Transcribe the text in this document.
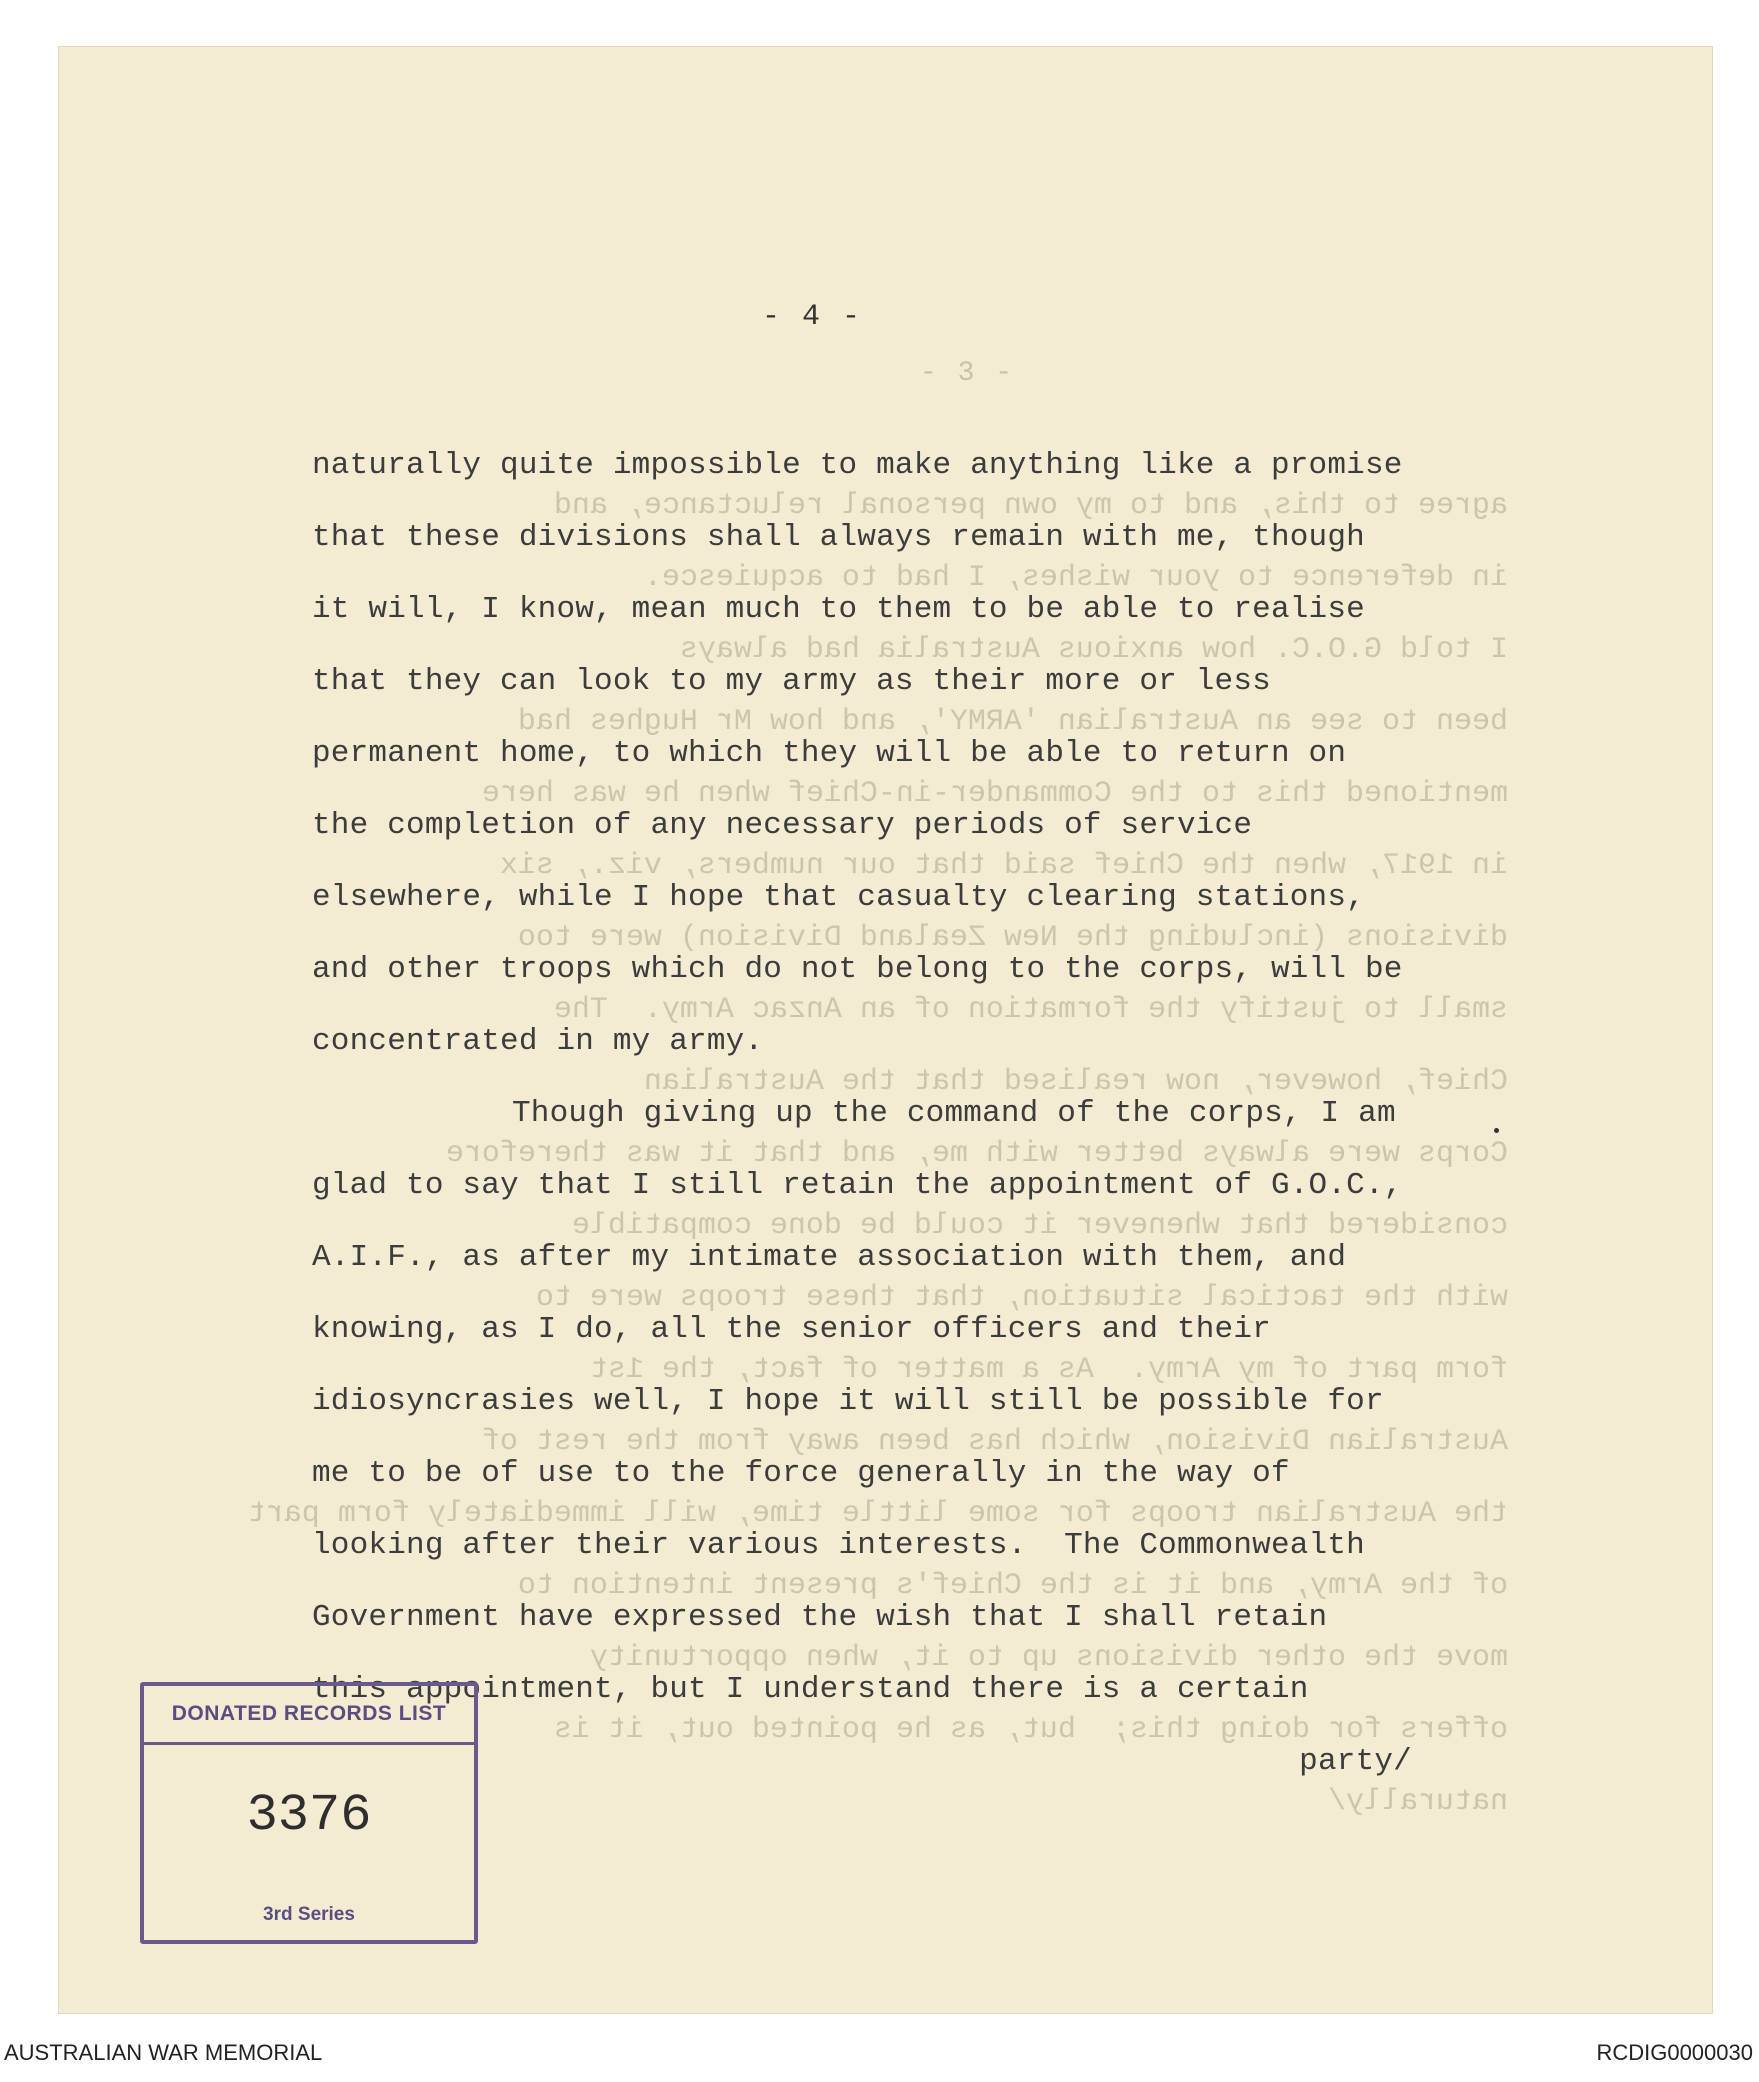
- 3 -
agree to this, and to my own personal reluctance, and
in deference to your wishes, I had to acquiesce.
I told G.O.C. how anxious Australia had always
been to see an Australian 'ARMY', and how Mr Hughes had
mentioned this to the Commander-in-Chief when he was here
in 1917, when the Chief said that our numbers, viz., six
divisions (including the New Zealand Division) were too
small to justify the formation of an Anzac Army.  The
Chief, however, now realised that the Australian
Corps were always better with me, and that it was therefore
considered that whenever it could be done compatible
with the tactical situation, that these troops were to
form part of my Army.  As a matter of fact, the 1st
Australian Division, which has been away from the rest of
the Australian troops for some little time, will immediately form part
of the Army, and it is the Chief's present intention to
move the other divisions up to it, when opportunity
offers for doing this;  but, as he pointed out, it is
naturally/
- 4 -
naturally quite impossible to make anything like a promise
that these divisions shall always remain with me, though
it will, I know, mean much to them to be able to realise
that they can look to my army as their more or less
permanent home, to which they will be able to return on
the completion of any necessary periods of service
elsewhere, while I hope that casualty clearing stations,
and other troops which do not belong to the corps, will be
concentrated in my army.
Though giving up the command of the corps, I am
glad to say that I still retain the appointment of G.O.C.,
A.I.F., as after my intimate association with them, and
knowing, as I do, all the senior officers and their
idiosyncrasies well, I hope it will still be possible for
me to be of use to the force generally in the way of
looking after their various interests.  The Commonwealth
Government have expressed the wish that I shall retain
this appointment, but I understand there is a certain
party/
DONATED RECORDS LIST
3376
3rd Series
AUSTRALIAN WAR MEMORIAL	RCDIG0000030
